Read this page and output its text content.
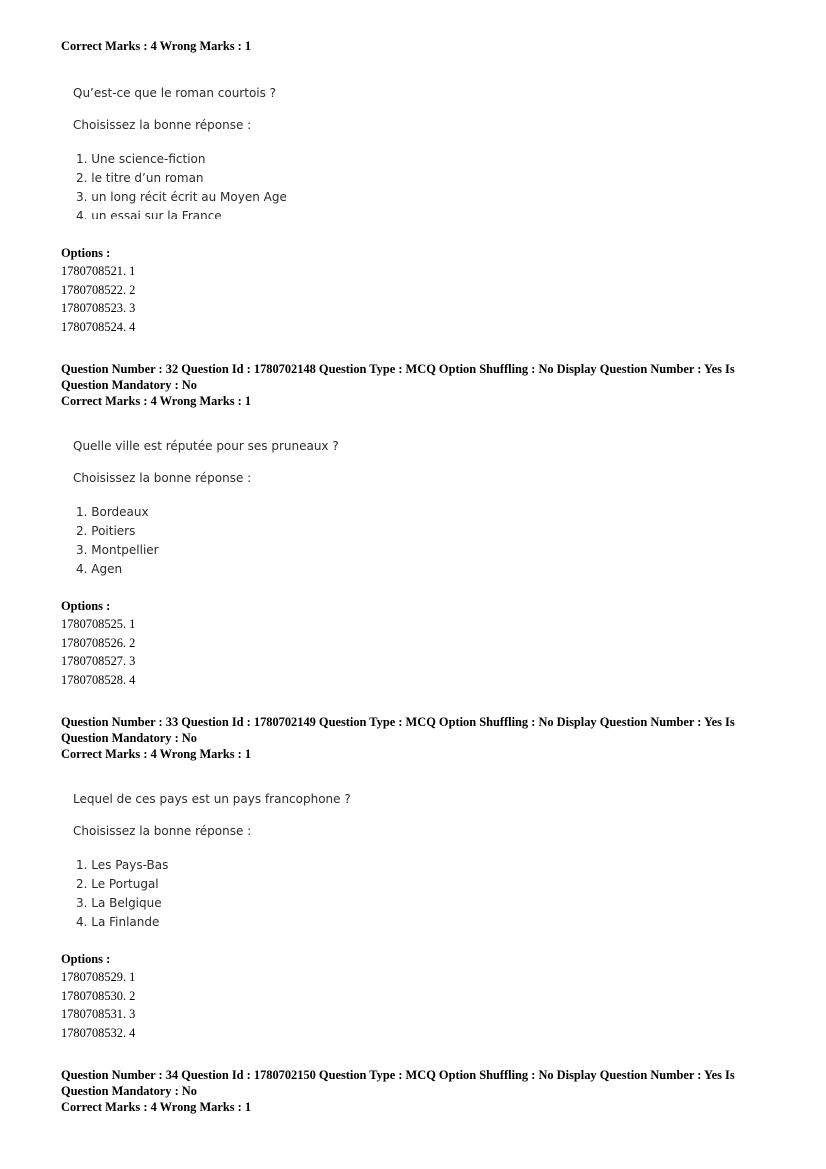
Correct Marks : 4 Wrong Marks : 1

Qu’est-ce que le roman courtois ?

Choisissez la bonne réponse :

1. Une science-fiction
2. le titre d’un roman
3. un long récit écrit au Moyen Age
4. un essai sur la France
Options :
1780708521. 1
1780708522. 2
1780708523. 3
1780708524. 4

Question Number : 32 Question Id : 1780702148 Question Type : MCQ Option Shuffling : No Display Question Number : Yes Is

Question Mandatory : No

Correct Marks : 4 Wrong Marks : 1

Quelle ville est réputée pour ses pruneaux ?

Choisissez la bonne réponse :

1. Bordeaux
2. Poitiers
3. Montpellier
4. Agen
Options :
1780708525. 1
1780708526. 2
1780708527. 3
1780708528. 4

Question Number : 33 Question Id : 1780702149 Question Type : MCQ Option Shuffling : No Display Question Number : Yes Is

Question Mandatory : No

Correct Marks : 4 Wrong Marks : 1

Lequel de ces pays est un pays francophone ?

Choisissez la bonne réponse :

1. Les Pays-Bas
2. Le Portugal
3. La Belgique
4. La Finlande
Options :
1780708529. 1
1780708530. 2
1780708531. 3
1780708532. 4

Question Number : 34 Question Id : 1780702150 Question Type : MCQ Option Shuffling : No Display Question Number : Yes Is

Question Mandatory : No

Correct Marks : 4 Wrong Marks : 1
